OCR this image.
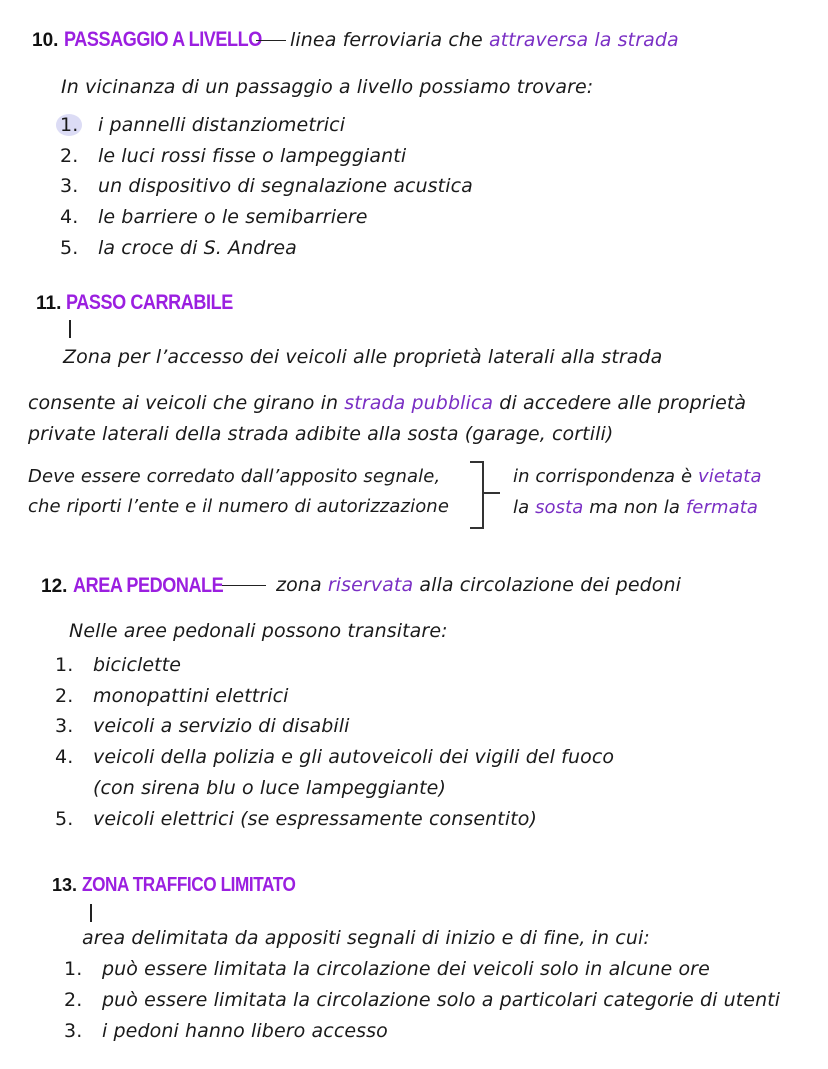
10. PASSAGGIO A LIVELLO	linea ferroviaria che attraversa la strada
In vicinanza di un passaggio a livello possiamo trovare:
1. i pannelli distanziometrici
2. le luci rossi fisse o lampeggianti
3. un dispositivo di segnalazione acustica
4. le barriere o le semibarriere
5. la croce di S. Andrea
11. PASSO CARRABILE
Zona per l’accesso dei veicoli alle proprietà laterali alla strada
consente ai veicoli che girano in strada pubblica di accedere alle proprietà
private laterali della strada adibite alla sosta (garage, cortili)
Deve essere corredato dall’apposito segnale,
che riporti l’ente e il numero di autorizzazione
in corrispondenza è vietata
la sosta ma non la fermata
12. AREA PEDONALE	zona riservata alla circolazione dei pedoni
Nelle aree pedonali possono transitare:
1. biciclette
2. monopattini elettrici
3. veicoli a servizio di disabili
4. veicoli della polizia e gli autoveicoli dei vigili del fuoco
(con sirena blu o luce lampeggiante)
5. veicoli elettrici (se espressamente consentito)
13. ZONA TRAFFICO LIMITATO
area delimitata da appositi segnali di inizio e di fine, in cui:
1. può essere limitata la circolazione dei veicoli solo in alcune ore
2. può essere limitata la circolazione solo a particolari categorie di utenti
3. i pedoni hanno libero accesso
